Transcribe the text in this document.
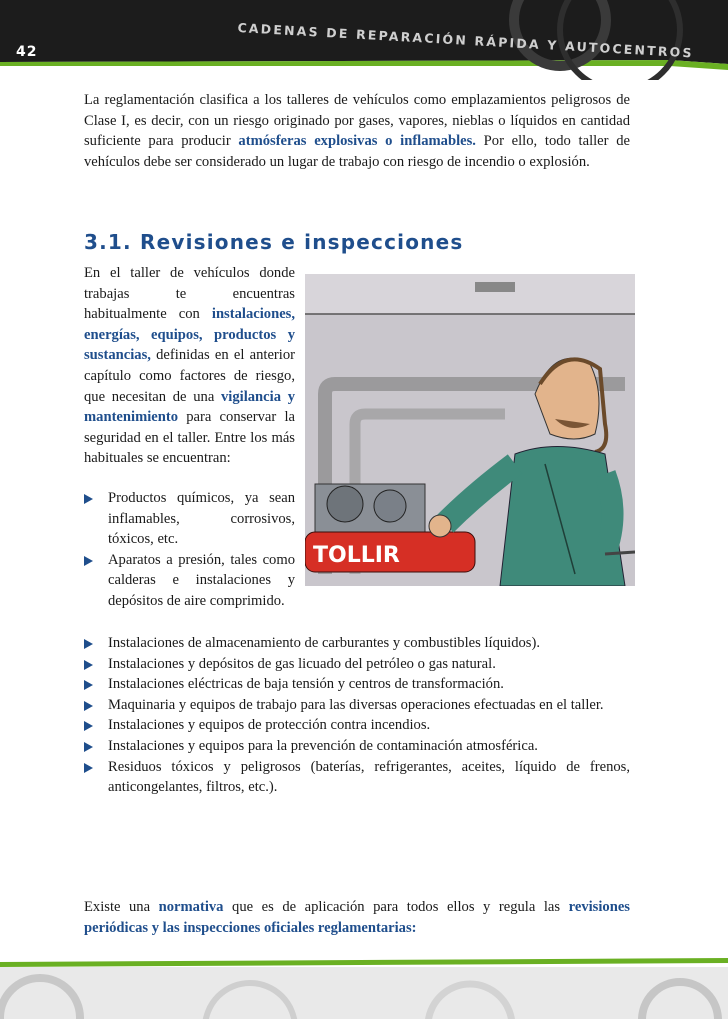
42	CADENAS DE REPARACIÓN RÁPIDA Y AUTOCENTROS

La reglamentación clasifica a los talleres de vehículos como emplazamientos peligrosos de Clase I, es decir, con un riesgo originado por gases, vapores, nieblas o líquidos en cantidad suficiente para producir atmósferas explosivas o inflamables. Por ello, todo taller de vehículos debe ser considerado un lugar de trabajo con riesgo de incendio o explosión.

3.1. Revisiones e inspecciones

En el taller de vehículos donde trabajas te encuentras habitualmente con instalaciones, energías, equipos, productos y sustancias, definidas en el anterior capítulo como factores de riesgo, que necesitan de una vigilancia y mantenimiento para conservar la seguridad en el taller. Entre los más habituales se encuentran:

TOLLIR
Productos químicos, ya sean inflamables, corrosivos, tóxicos, etc.
Aparatos a presión, tales como calderas e instalaciones y depósitos de aire comprimido.
Instalaciones de almacenamiento de carburantes y combustibles líquidos).
Instalaciones y depósitos de gas licuado del petróleo o gas natural.
Instalaciones eléctricas de baja tensión y centros de transformación.
Maquinaria y equipos de trabajo para las diversas operaciones efectuadas en el taller.
Instalaciones y equipos de protección contra incendios.
Instalaciones y equipos para la prevención de contaminación atmosférica.
Residuos tóxicos y peligrosos (baterías, refrigerantes, aceites, líquido de frenos, anticongelantes, filtros, etc.).

Existe una normativa que es de aplicación para todos ellos y regula las revisiones periódicas y las inspecciones oficiales reglamentarias:
